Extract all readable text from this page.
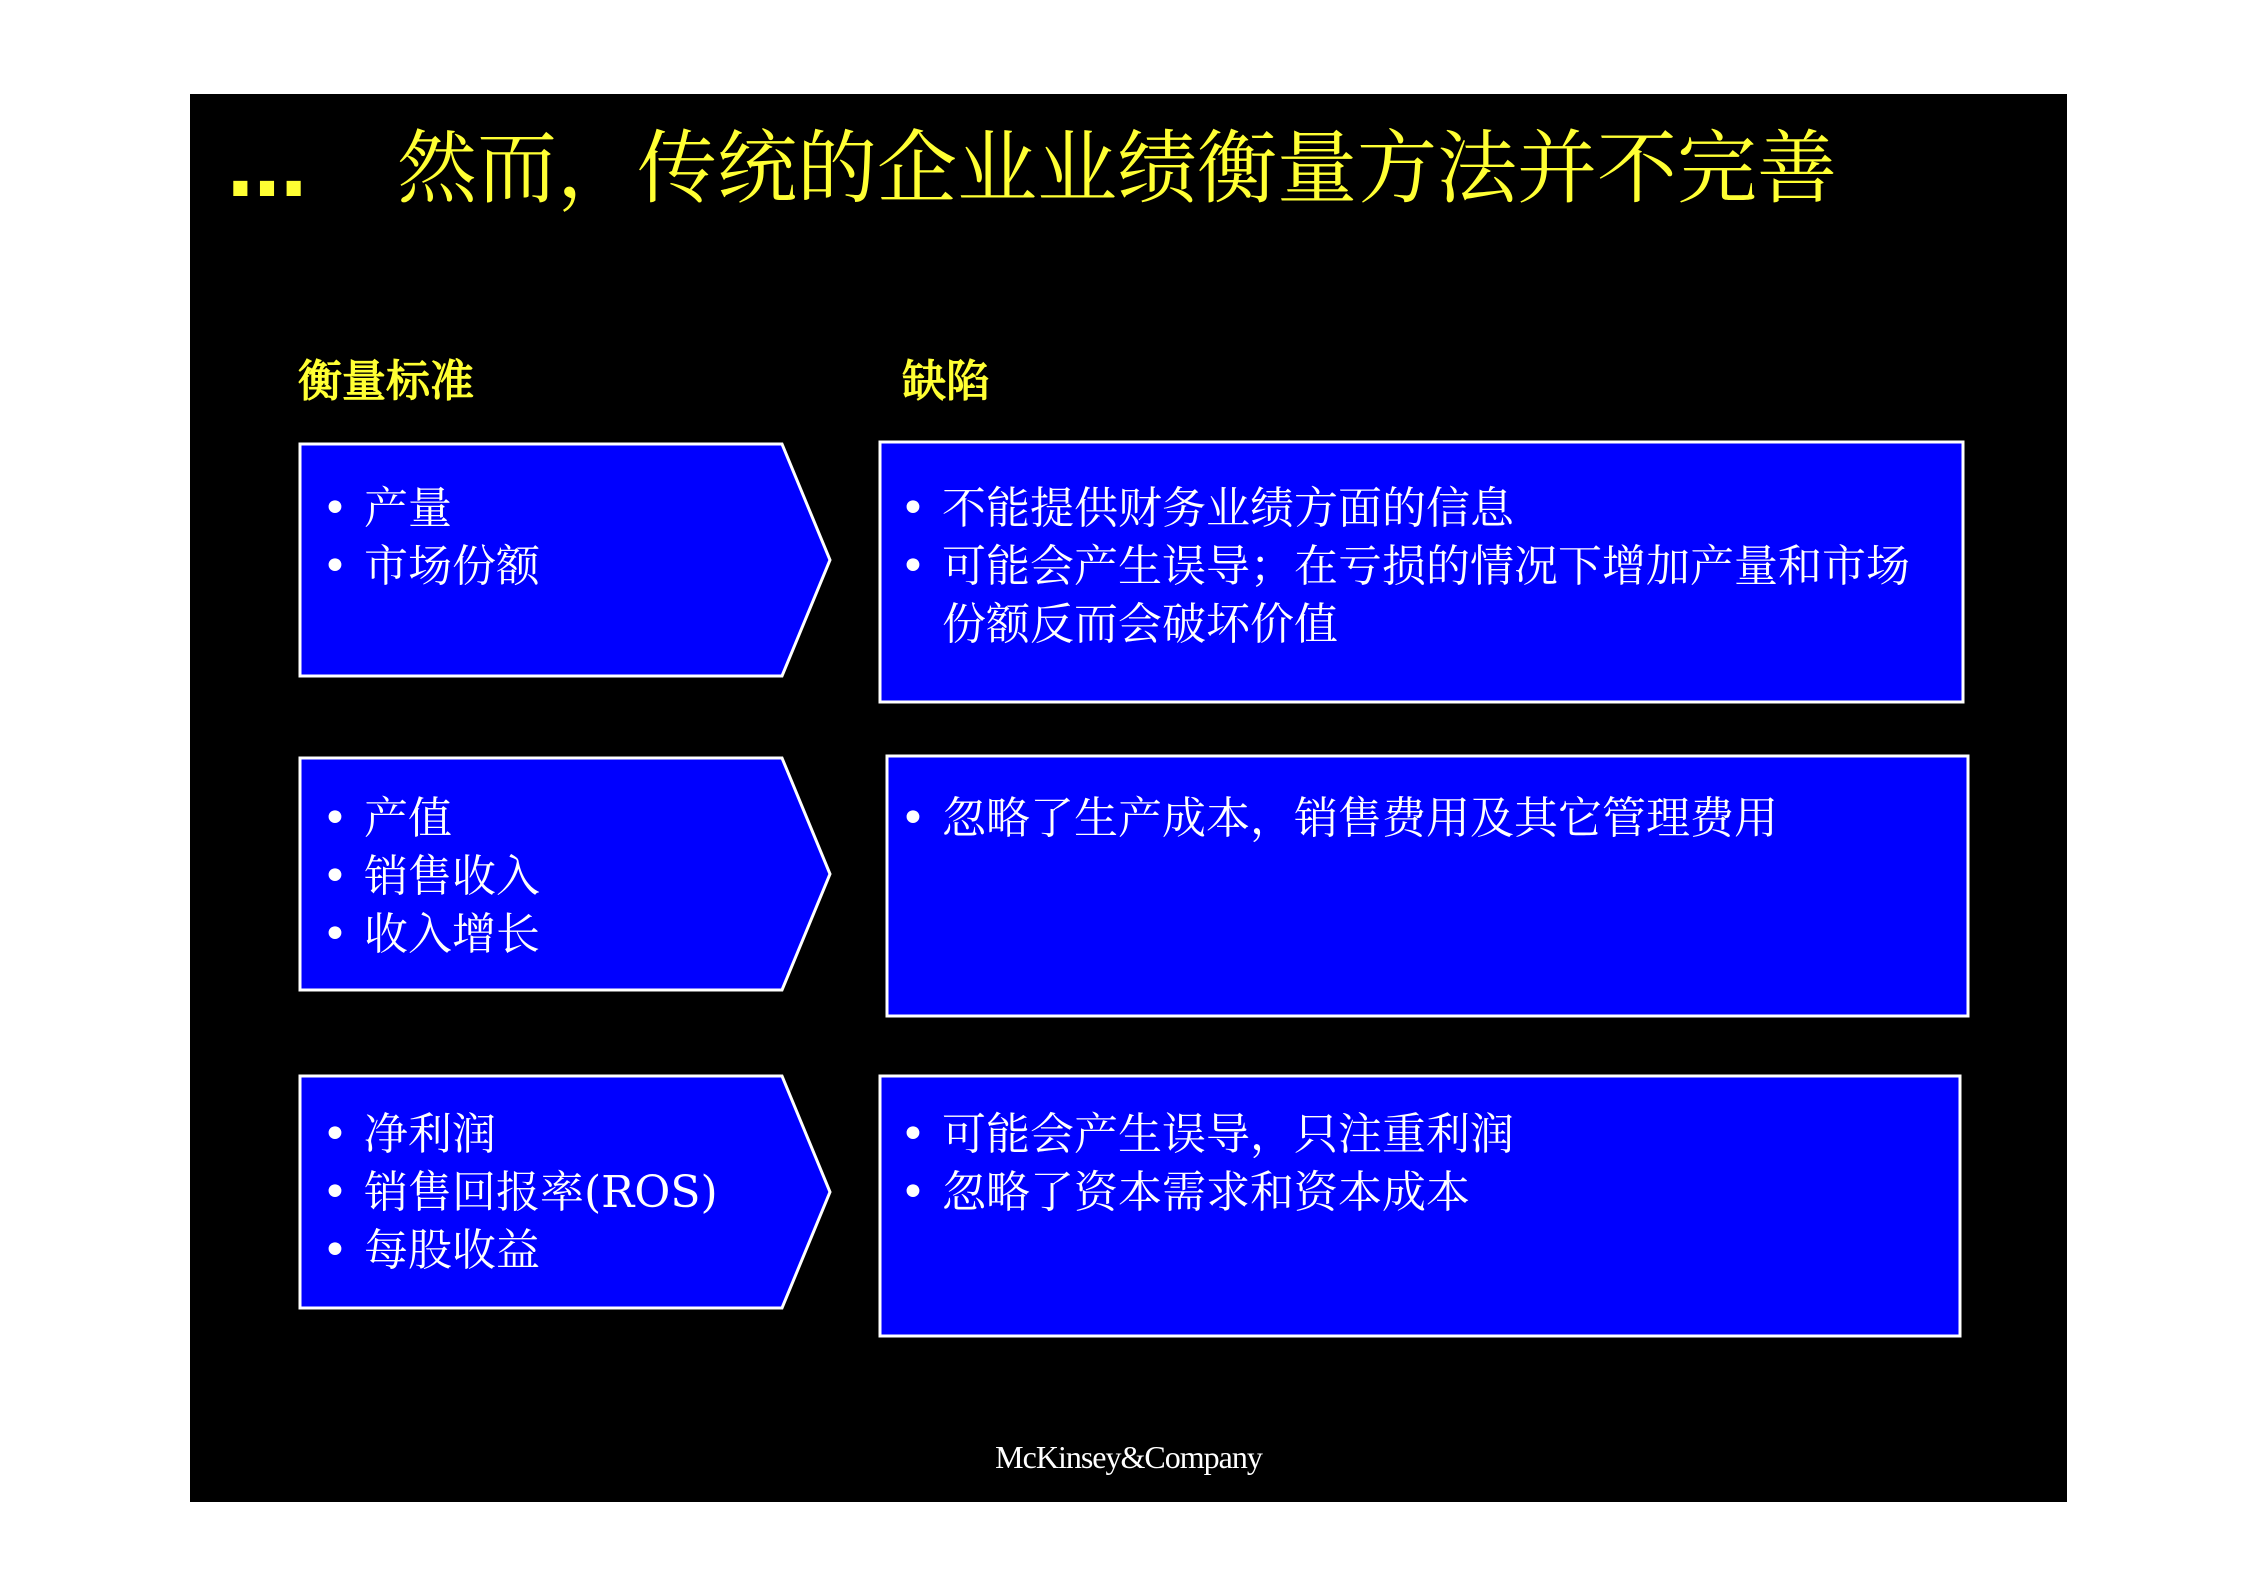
… 然而，传统的企业业绩衡量方法并不完善
衡量标准	缺陷
• 产量
• 市场份额
• 不能提供财务业绩方面的信息
• 可能会产生误导；在亏损的情况下增加产量和市场份额反而会破坏价值
• 产值
• 销售收入
• 收入增长
• 忽略了生产成本，销售费用及其它管理费用
• 净利润
• 销售回报率(ROS)
• 每股收益
• 可能会产生误导，只注重利润
• 忽略了资本需求和资本成本
McKinsey&Company
